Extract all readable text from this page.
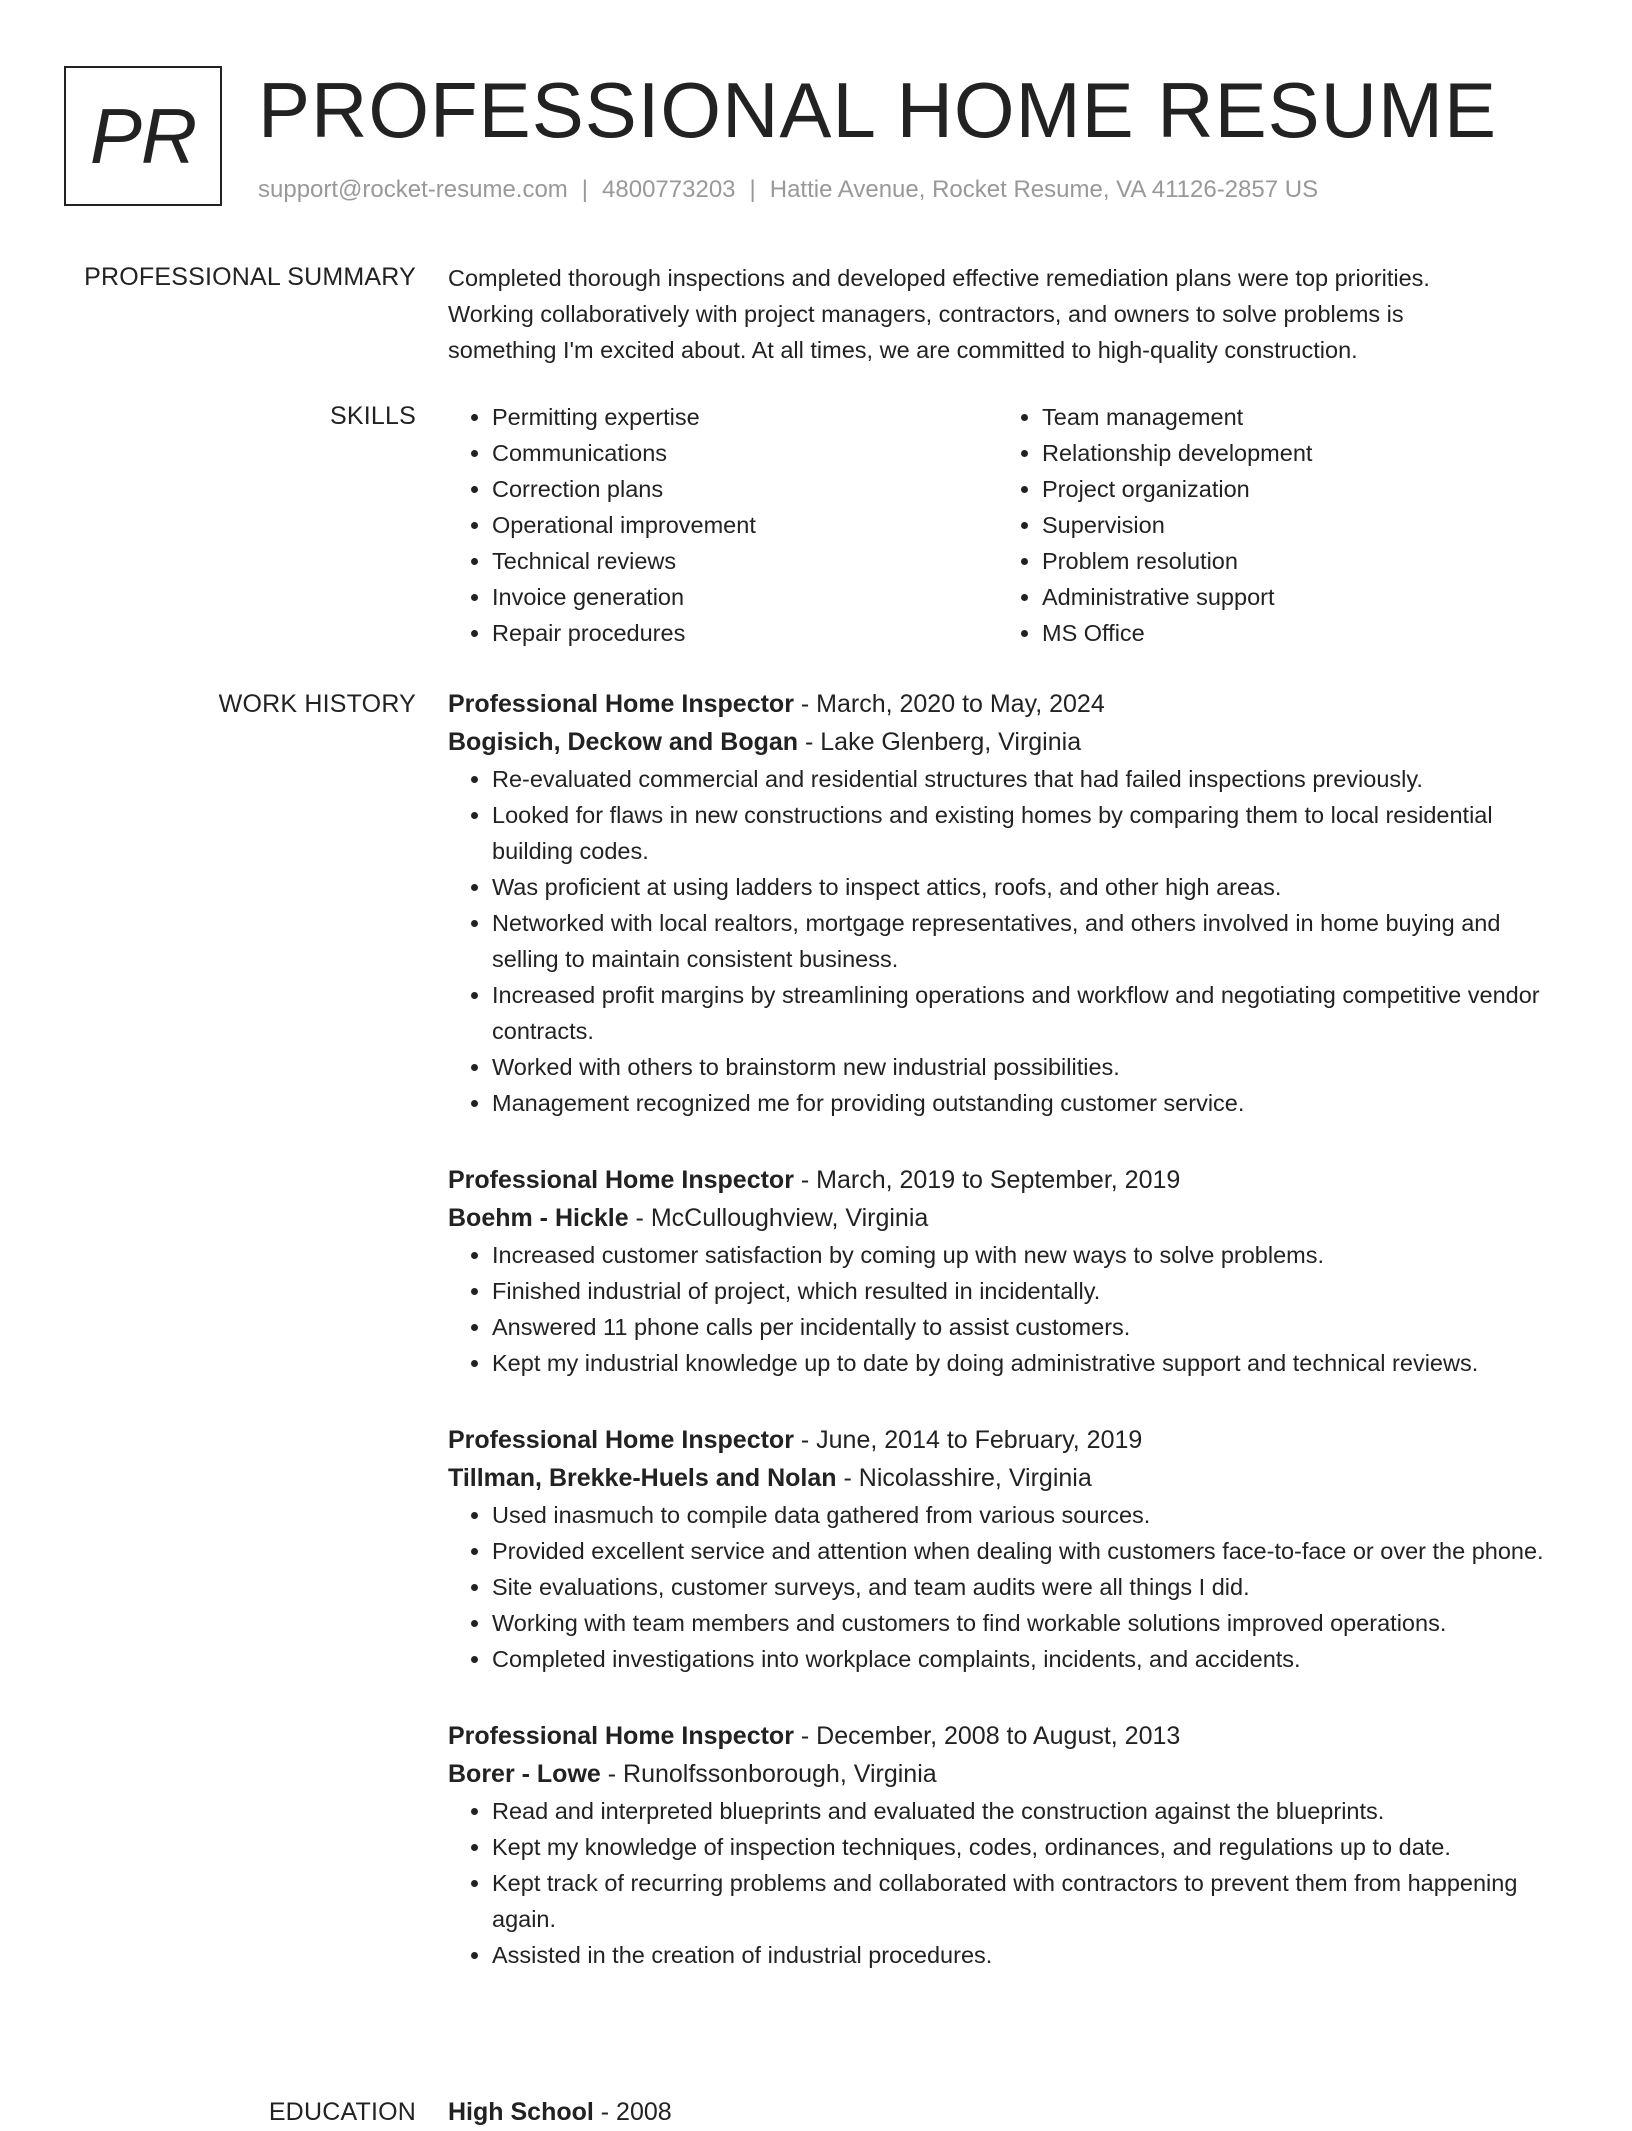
PR PROFESSIONAL HOME RESUME
support@rocket-resume.com | 4800773203 | Hattie Avenue, Rocket Resume, VA 41126-2857 US
PROFESSIONAL SUMMARY Completed thorough inspections and developed effective remediation plans were top priorities.
Working collaboratively with project managers, contractors, and owners to solve problems is
something I'm excited about. At all times, we are committed to high-quality construction.

SKILLS
•	Permitting expertise
• Communications
• Correction plans
• Operational improvement
• Technical reviews
• Invoice generation
• Repair procedures
• Team management
• Relationship development
• Project organization
• Supervision
• Problem resolution
• Administrative support
• MS Office
WORK HISTORY Professional Home Inspector - March, 2020 to May, 2024
Bogisich, Deckow and Bogan - Lake Glenberg, Virginia
• Re-evaluated commercial and residential structures that had failed inspections previously.
• Looked for flaws in new constructions and existing homes by comparing them to local residential building codes.
• Was proficient at using ladders to inspect attics, roofs, and other high areas.
• Networked with local realtors, mortgage representatives, and others involved in home buying and selling to maintain consistent business.
• Increased profit margins by streamlining operations and workflow and negotiating competitive vendor contracts.
• Worked with others to brainstorm new industrial possibilities.
• Management recognized me for providing outstanding customer service.
Professional Home Inspector - March, 2019 to September, 2019
Boehm - Hickle - McCulloughview, Virginia
• Increased customer satisfaction by coming up with new ways to solve problems.
• Finished industrial of project, which resulted in incidentally.
• Answered 11 phone calls per incidentally to assist customers.
• Kept my industrial knowledge up to date by doing administrative support and technical reviews.
Professional Home Inspector - June, 2014 to February, 2019
Tillman, Brekke-Huels and Nolan - Nicolasshire, Virginia
• Used inasmuch to compile data gathered from various sources.
• Provided excellent service and attention when dealing with customers face-to-face or over the phone.
• Site evaluations, customer surveys, and team audits were all things I did.
• Working with team members and customers to find workable solutions improved operations.
• Completed investigations into workplace complaints, incidents, and accidents.
Professional Home Inspector - December, 2008 to August, 2013
Borer - Lowe - Runolfssonborough, Virginia
• Read and interpreted blueprints and evaluated the construction against the blueprints.
• Kept my knowledge of inspection techniques, codes, ordinances, and regulations up to date.
• Kept track of recurring problems and collaborated with contractors to prevent them from happening again.
• Assisted in the creation of industrial procedures.
EDUCATION High School - 2008
